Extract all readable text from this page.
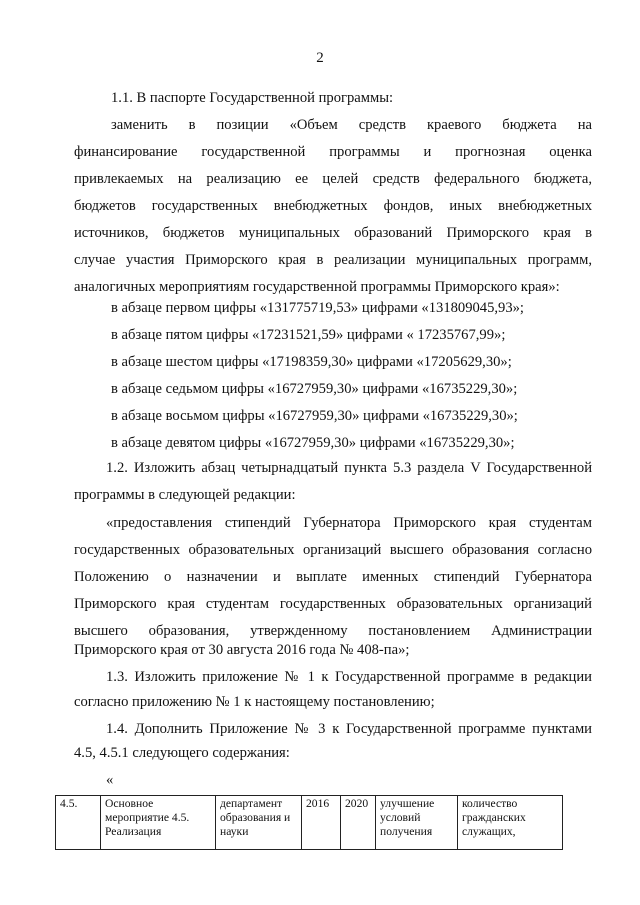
2
1.1. В паспорте Государственной программы:
заменить в позиции «Объем средств краевого бюджета на
финансирование государственной программы и прогнозная оценка
привлекаемых на реализацию ее целей средств федерального бюджета,
бюджетов государственных внебюджетных фондов, иных внебюджетных
источников, бюджетов муниципальных образований Приморского края в
случае участия Приморского края в реализации муниципальных программ,
аналогичных мероприятиям государственной программы Приморского края»:
в абзаце первом цифры «131775719,53» цифрами «131809045,93»;
в абзаце пятом цифры «17231521,59» цифрами « 17235767,99»;
в абзаце шестом цифры «17198359,30» цифрами «17205629,30»;
в абзаце седьмом цифры «16727959,30» цифрами «16735229,30»;
в абзаце восьмом цифры «16727959,30» цифрами «16735229,30»;
в абзаце девятом цифры «16727959,30» цифрами «16735229,30»;
1.2. Изложить абзац четырнадцатый пункта 5.3 раздела V Государственной
программы в следующей редакции:
«предоставления стипендий Губернатора Приморского края студентам
государственных образовательных организаций высшего образования согласно
Положению о назначении и выплате именных стипендий Губернатора
Приморского края студентам государственных образовательных организаций
высшего образования, утвержденному постановлением Администрации
Приморского края от 30 августа 2016 года № 408-па»;
1.3. Изложить приложение № 1 к Государственной программе в редакции
согласно приложению № 1 к настоящему постановлению;
1.4. Дополнить Приложение № 3 к Государственной программе пунктами
4.5, 4.5.1 следующего содержания:
«
4.5.	Основное мероприятие 4.5. Реализация	департамент образования и науки	2016	2020	улучшение условий получения	количество гражданских служащих,
